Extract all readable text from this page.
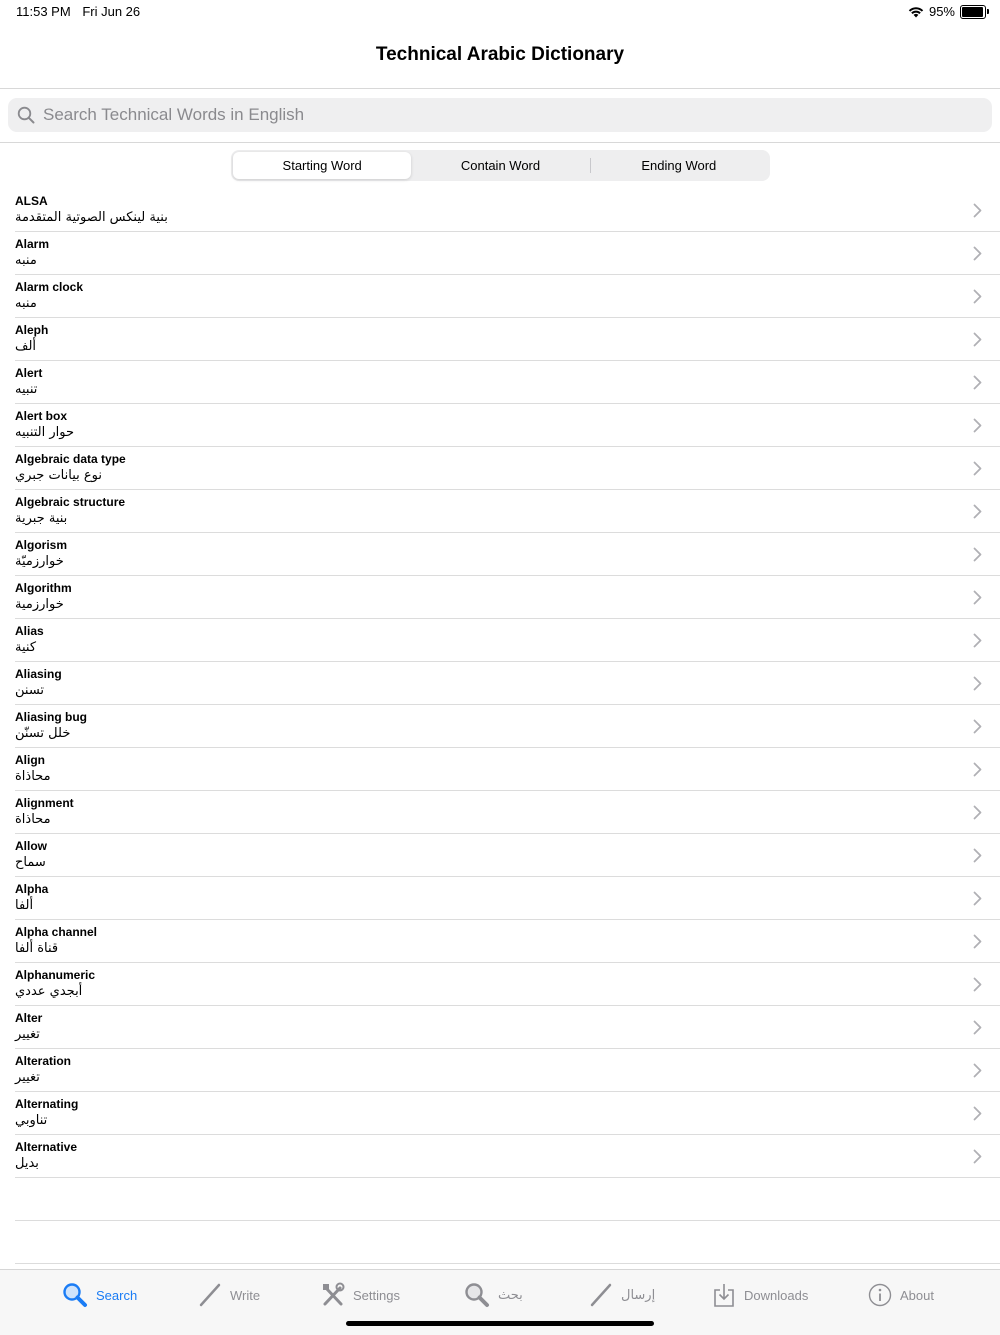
11:53 PM Fri Jun 26	95%
Technical Arabic Dictionary
Search Technical Words in English
Starting Word	Contain Word	Ending Word
ALSA
بنية لينكس الصوتية المتقدمة
Alarm
منبه
Alarm clock
منبه
Aleph
ألف
Alert
تنبيه
Alert box
حوار التنبيه
Algebraic data type
نوع بيانات جبري
Algebraic structure
بنية جبرية
Algorism
خوارزميّة
Algorithm
خوارزمية
Alias
كنية
Aliasing
تسنن
Aliasing bug
خلل تسنّن
Align
محاذاة
Alignment
محاذاة
Allow
سماح
Alpha
ألفا
Alpha channel
قناة ألفا
Alphanumeric
أبجدي عددي
Alter
تغيير
Alteration
تغيير
Alternating
تناوبي
Alternative
بديل
Search	Write	Settings	بحث	إرسال	Downloads	About
